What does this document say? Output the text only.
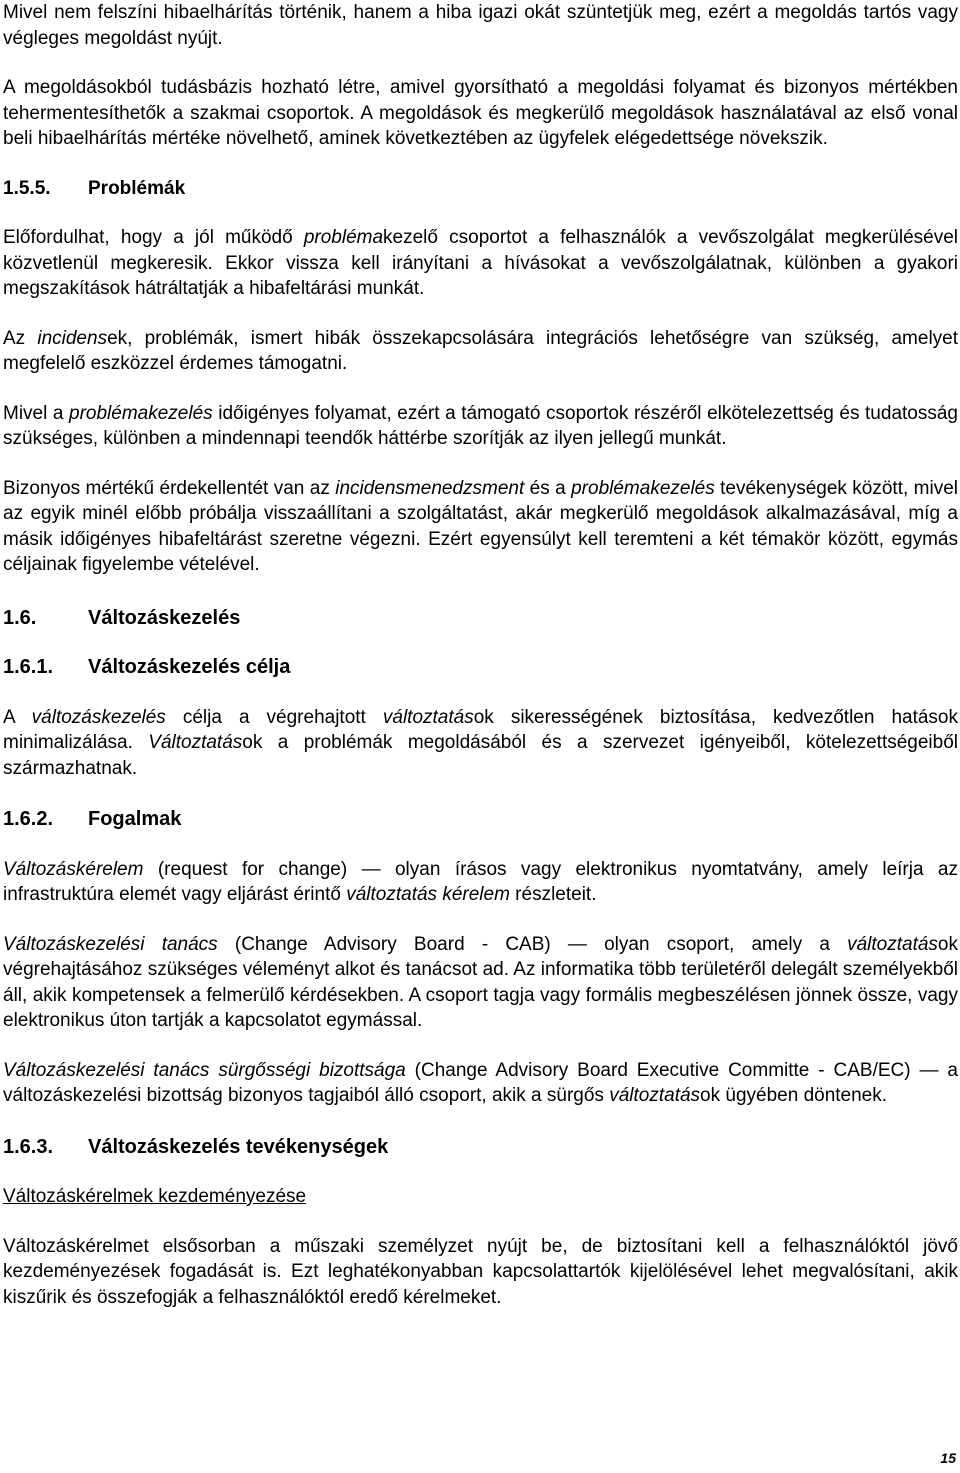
Mivel nem felszíni hibaelhárítás történik, hanem a hiba igazi okát szüntetjük meg, ezért a megoldás tartós vagy végleges megoldást nyújt.

A megoldásokból tudásbázis hozható létre, amivel gyorsítható a megoldási folyamat és bizonyos mértékben tehermentesíthetők a szakmai csoportok. A megoldások és megkerülő megoldások használatával az első vonal beli hibaelhárítás mértéke növelhető, aminek következtében az ügyfelek elégedettsége növekszik.

1.5.5.	Problémák

Előfordulhat, hogy a jól működő problémakezelő csoportot a felhasználók a vevőszolgálat megkerülésével közvetlenül megkeresik. Ekkor vissza kell irányítani a hívásokat a vevőszolgálatnak, különben a gyakori megszakítások hátráltatják a hibafeltárási munkát.

Az incidensek, problémák, ismert hibák összekapcsolására integrációs lehetőségre van szükség, amelyet megfelelő eszközzel érdemes támogatni.

Mivel a problémakezelés időigényes folyamat, ezért a támogató csoportok részéről elkötelezettség és tudatosság szükséges, különben a mindennapi teendők háttérbe szorítják az ilyen jellegű munkát.

Bizonyos mértékű érdekellentét van az incidensmenedzsment és a problémakezelés tevékenységek között, mivel az egyik minél előbb próbálja visszaállítani a szolgáltatást, akár megkerülő megoldások alkalmazásával, míg a másik időigényes hibafeltárást szeretne végezni. Ezért egyensúlyt kell teremteni a két témakör között, egymás céljainak figyelembe vételével.

1.6.	Változáskezelés
1.6.1.	Változáskezelés célja

A változáskezelés célja a végrehajtott változtatások sikerességének biztosítása, kedvezőtlen hatások minimalizálása. Változtatások a problémák megoldásából és a szervezet igényeiből, kötelezettségeiből származhatnak.

1.6.2.	Fogalmak

Változáskérelem (request for change) — olyan írásos vagy elektronikus nyomtatvány, amely leírja az infrastruktúra elemét vagy eljárást érintő változtatás kérelem részleteit.

Változáskezelési tanács (Change Advisory Board - CAB) — olyan csoport, amely a változtatások végrehajtásához szükséges véleményt alkot és tanácsot ad. Az informatika több területéről delegált személyekből áll, akik kompetensek a felmerülő kérdésekben. A csoport tagja vagy formális megbeszélésen jönnek össze, vagy elektronikus úton tartják a kapcsolatot egymással.

Változáskezelési tanács sürgősségi bizottsága (Change Advisory Board Executive Committe - CAB/EC) — a változáskezelési bizottság bizonyos tagjaiból álló csoport, akik a sürgős változtatások ügyében döntenek.

1.6.3.	Változáskezelés tevékenységek

Változáskérelmek kezdeményezése

Változáskérelmet elsősorban a műszaki személyzet nyújt be, de biztosítani kell a felhasználóktól jövő kezdeményezések fogadását is. Ezt leghatékonyabban kapcsolattartók kijelölésével lehet megvalósítani, akik kiszűrik és összefogják a felhasználóktól eredő kérelmeket.

15
